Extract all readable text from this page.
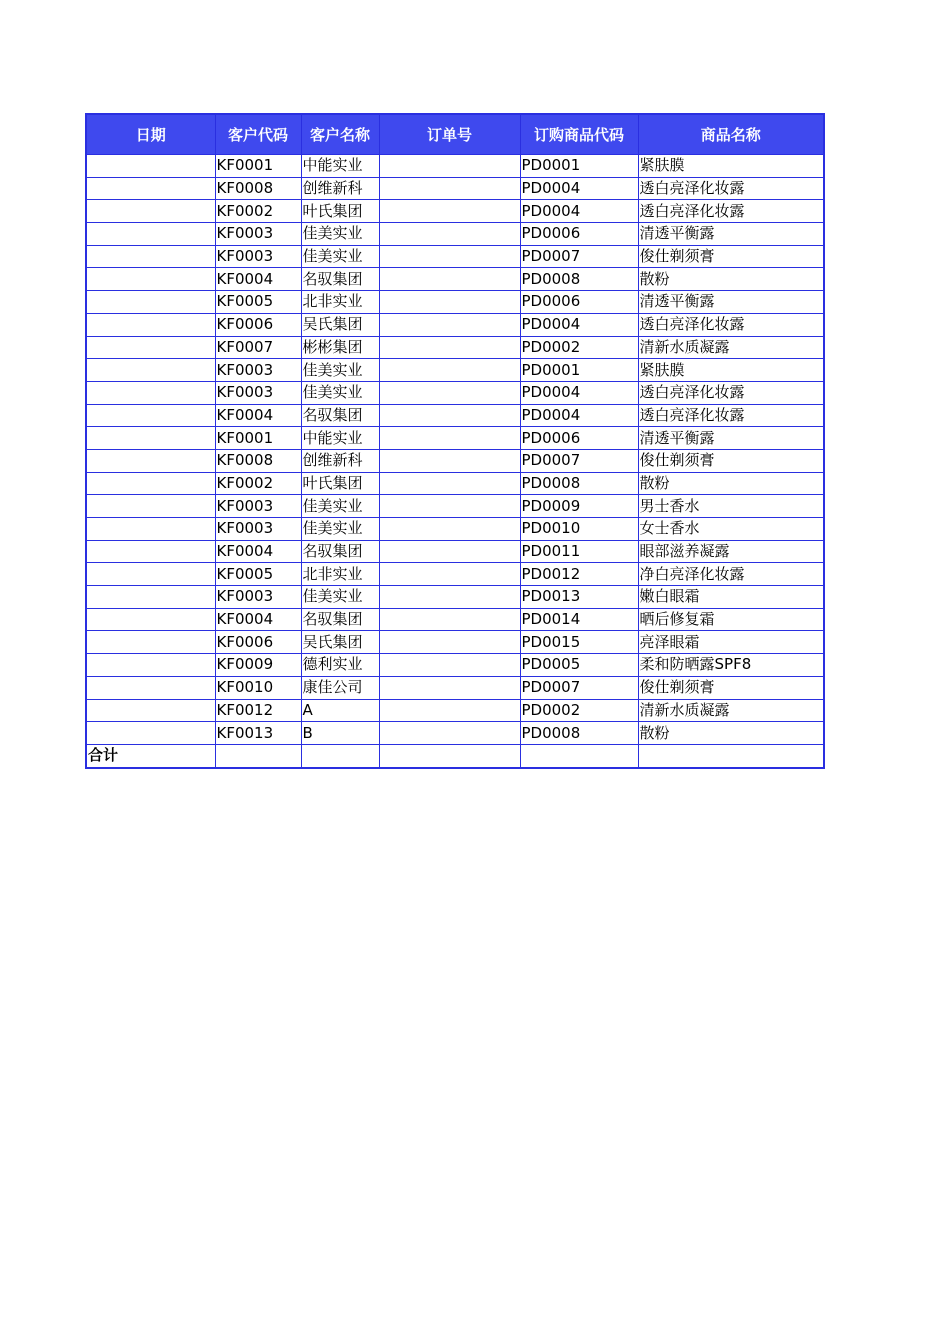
日期	客户代码	客户名称	订单号	订购商品代码	商品名称
	KF0001	中能实业		PD0001	紧肤膜
	KF0008	创维新科		PD0004	透白亮泽化妆露
	KF0002	叶氏集团		PD0004	透白亮泽化妆露
	KF0003	佳美实业		PD0006	清透平衡露
	KF0003	佳美实业		PD0007	俊仕剃须膏
	KF0004	名驭集团		PD0008	散粉
	KF0005	北非实业		PD0006	清透平衡露
	KF0006	吴氏集团		PD0004	透白亮泽化妆露
	KF0007	彬彬集团		PD0002	清新水质凝露
	KF0003	佳美实业		PD0001	紧肤膜
	KF0003	佳美实业		PD0004	透白亮泽化妆露
	KF0004	名驭集团		PD0004	透白亮泽化妆露
	KF0001	中能实业		PD0006	清透平衡露
	KF0008	创维新科		PD0007	俊仕剃须膏
	KF0002	叶氏集团		PD0008	散粉
	KF0003	佳美实业		PD0009	男士香水
	KF0003	佳美实业		PD0010	女士香水
	KF0004	名驭集团		PD0011	眼部滋养凝露
	KF0005	北非实业		PD0012	净白亮泽化妆露
	KF0003	佳美实业		PD0013	嫩白眼霜
	KF0004	名驭集团		PD0014	晒后修复霜
	KF0006	吴氏集团		PD0015	亮泽眼霜
	KF0009	德利实业		PD0005	柔和防晒露SPF8
	KF0010	康佳公司		PD0007	俊仕剃须膏
	KF0012	A		PD0002	清新水质凝露
	KF0013	B		PD0008	散粉
合计					
